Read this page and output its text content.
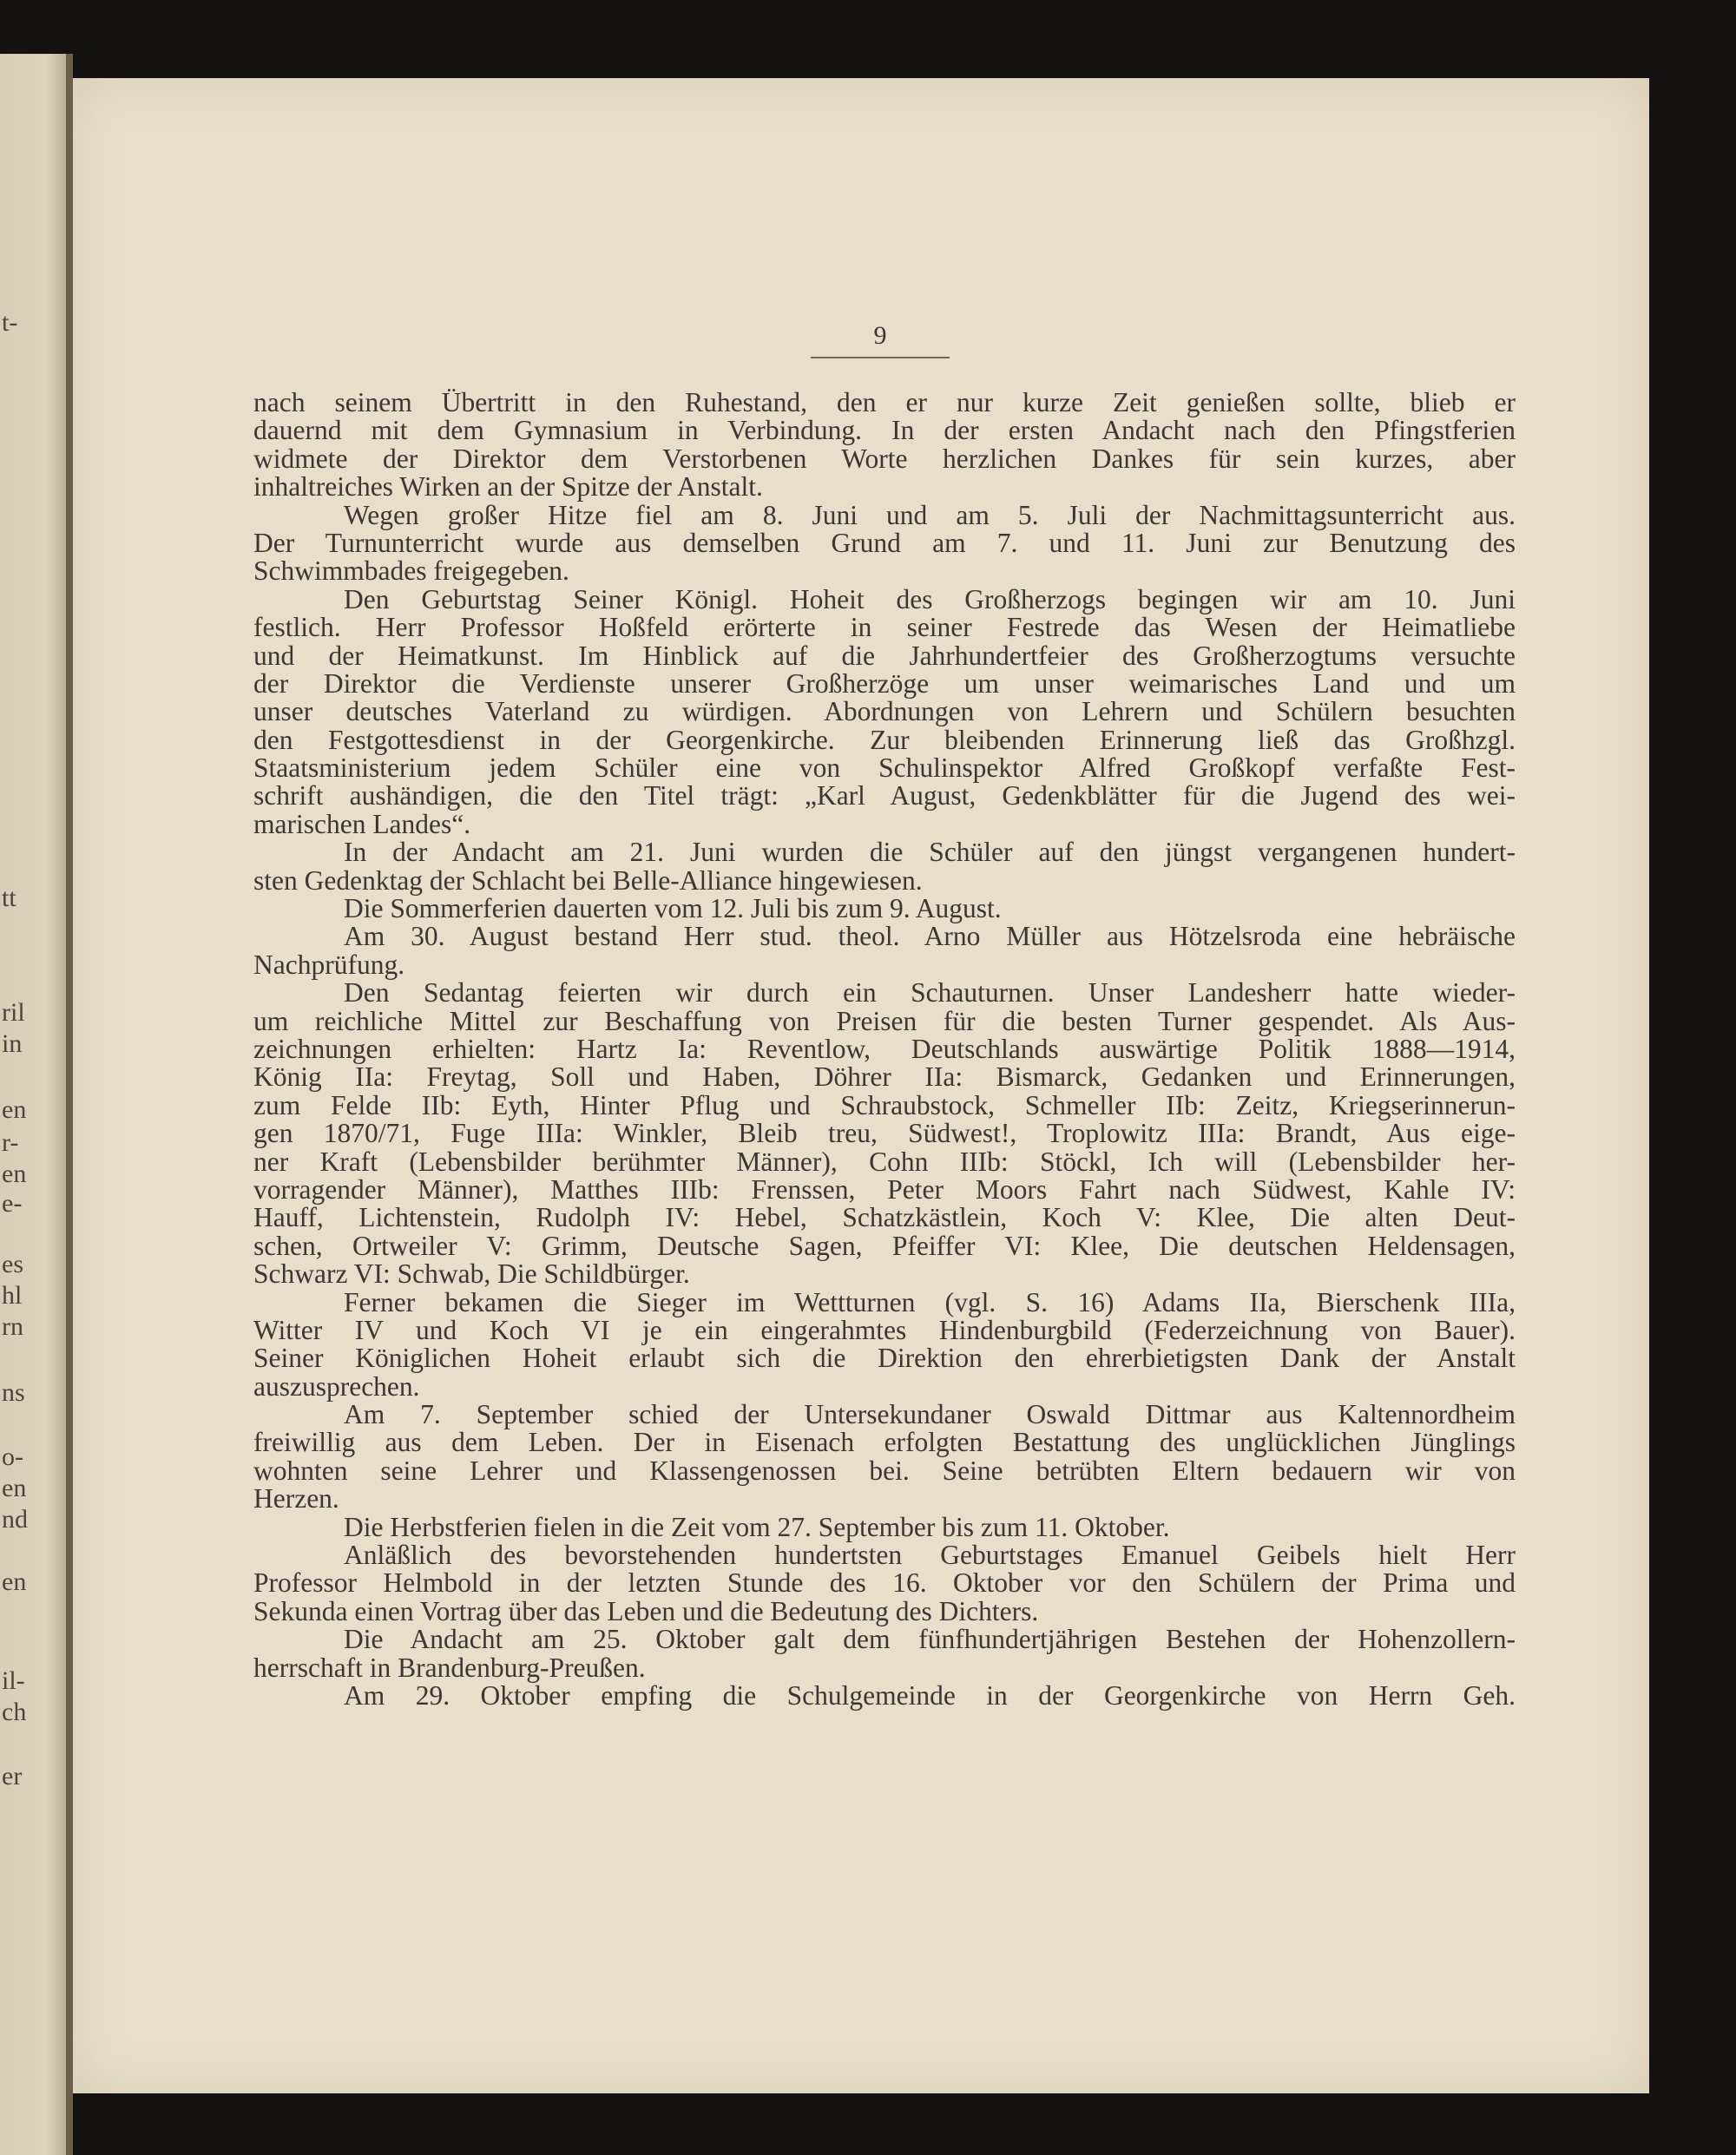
t-
tt
ril
in
en
r-
en
e-
es
hl
rn
ns
o-
en
nd
en
il-
ch
er
9
nach seinem Übertritt in den Ruhestand, den er nur kurze Zeit genießen sollte, blieb er
dauernd mit dem Gymnasium in Verbindung. In der ersten Andacht nach den Pfingstferien
widmete der Direktor dem Verstorbenen Worte herzlichen Dankes für sein kurzes, aber
inhaltreiches Wirken an der Spitze der Anstalt.
Wegen großer Hitze fiel am 8. Juni und am 5. Juli der Nachmittagsunterricht aus.
Der Turnunterricht wurde aus demselben Grund am 7. und 11. Juni zur Benutzung des
Schwimmbades freigegeben.
Den Geburtstag Seiner Königl. Hoheit des Großherzogs begingen wir am 10. Juni
festlich. Herr Professor Hoßfeld erörterte in seiner Festrede das Wesen der Heimatliebe
und der Heimatkunst. Im Hinblick auf die Jahrhundertfeier des Großherzogtums versuchte
der Direktor die Verdienste unserer Großherzöge um unser weimarisches Land und um
unser deutsches Vaterland zu würdigen. Abordnungen von Lehrern und Schülern besuchten
den Festgottesdienst in der Georgenkirche. Zur bleibenden Erinnerung ließ das Großhzgl.
Staatsministerium jedem Schüler eine von Schulinspektor Alfred Großkopf verfaßte Fest-
schrift aushändigen, die den Titel trägt: „Karl August, Gedenkblätter für die Jugend des wei-
marischen Landes“.
In der Andacht am 21. Juni wurden die Schüler auf den jüngst vergangenen hundert-
sten Gedenktag der Schlacht bei Belle-Alliance hingewiesen.
Die Sommerferien dauerten vom 12. Juli bis zum 9. August.
Am 30. August bestand Herr stud. theol. Arno Müller aus Hötzelsroda eine hebräische
Nachprüfung.
Den Sedantag feierten wir durch ein Schauturnen. Unser Landesherr hatte wieder-
um reichliche Mittel zur Beschaffung von Preisen für die besten Turner gespendet. Als Aus-
zeichnungen erhielten: Hartz Ia: Reventlow, Deutschlands auswärtige Politik 1888—1914,
König IIa: Freytag, Soll und Haben, Döhrer IIa: Bismarck, Gedanken und Erinnerungen,
zum Felde IIb: Eyth, Hinter Pflug und Schraubstock, Schmeller IIb: Zeitz, Kriegserinnerun-
gen 1870/71, Fuge IIIa: Winkler, Bleib treu, Südwest!, Troplowitz IIIa: Brandt, Aus eige-
ner Kraft (Lebensbilder berühmter Männer), Cohn IIIb: Stöckl, Ich will (Lebensbilder her-
vorragender Männer), Matthes IIIb: Frenssen, Peter Moors Fahrt nach Südwest, Kahle IV:
Hauff, Lichtenstein, Rudolph IV: Hebel, Schatzkästlein, Koch V: Klee, Die alten Deut-
schen, Ortweiler V: Grimm, Deutsche Sagen, Pfeiffer VI: Klee, Die deutschen Heldensagen,
Schwarz VI: Schwab, Die Schildbürger.
Ferner bekamen die Sieger im Wettturnen (vgl. S. 16) Adams IIa, Bierschenk IIIa,
Witter IV und Koch VI je ein eingerahmtes Hindenburgbild (Federzeichnung von Bauer).
Seiner Königlichen Hoheit erlaubt sich die Direktion den ehrerbietigsten Dank der Anstalt
auszusprechen.
Am 7. September schied der Untersekundaner Oswald Dittmar aus Kaltennordheim
freiwillig aus dem Leben. Der in Eisenach erfolgten Bestattung des unglücklichen Jünglings
wohnten seine Lehrer und Klassengenossen bei. Seine betrübten Eltern bedauern wir von
Herzen.
Die Herbstferien fielen in die Zeit vom 27. September bis zum 11. Oktober.
Anläßlich des bevorstehenden hundertsten Geburtstages Emanuel Geibels hielt Herr
Professor Helmbold in der letzten Stunde des 16. Oktober vor den Schülern der Prima und
Sekunda einen Vortrag über das Leben und die Bedeutung des Dichters.
Die Andacht am 25. Oktober galt dem fünfhundertjährigen Bestehen der Hohenzollern-
herrschaft in Brandenburg-Preußen.
Am 29. Oktober empfing die Schulgemeinde in der Georgenkirche von Herrn Geh.
